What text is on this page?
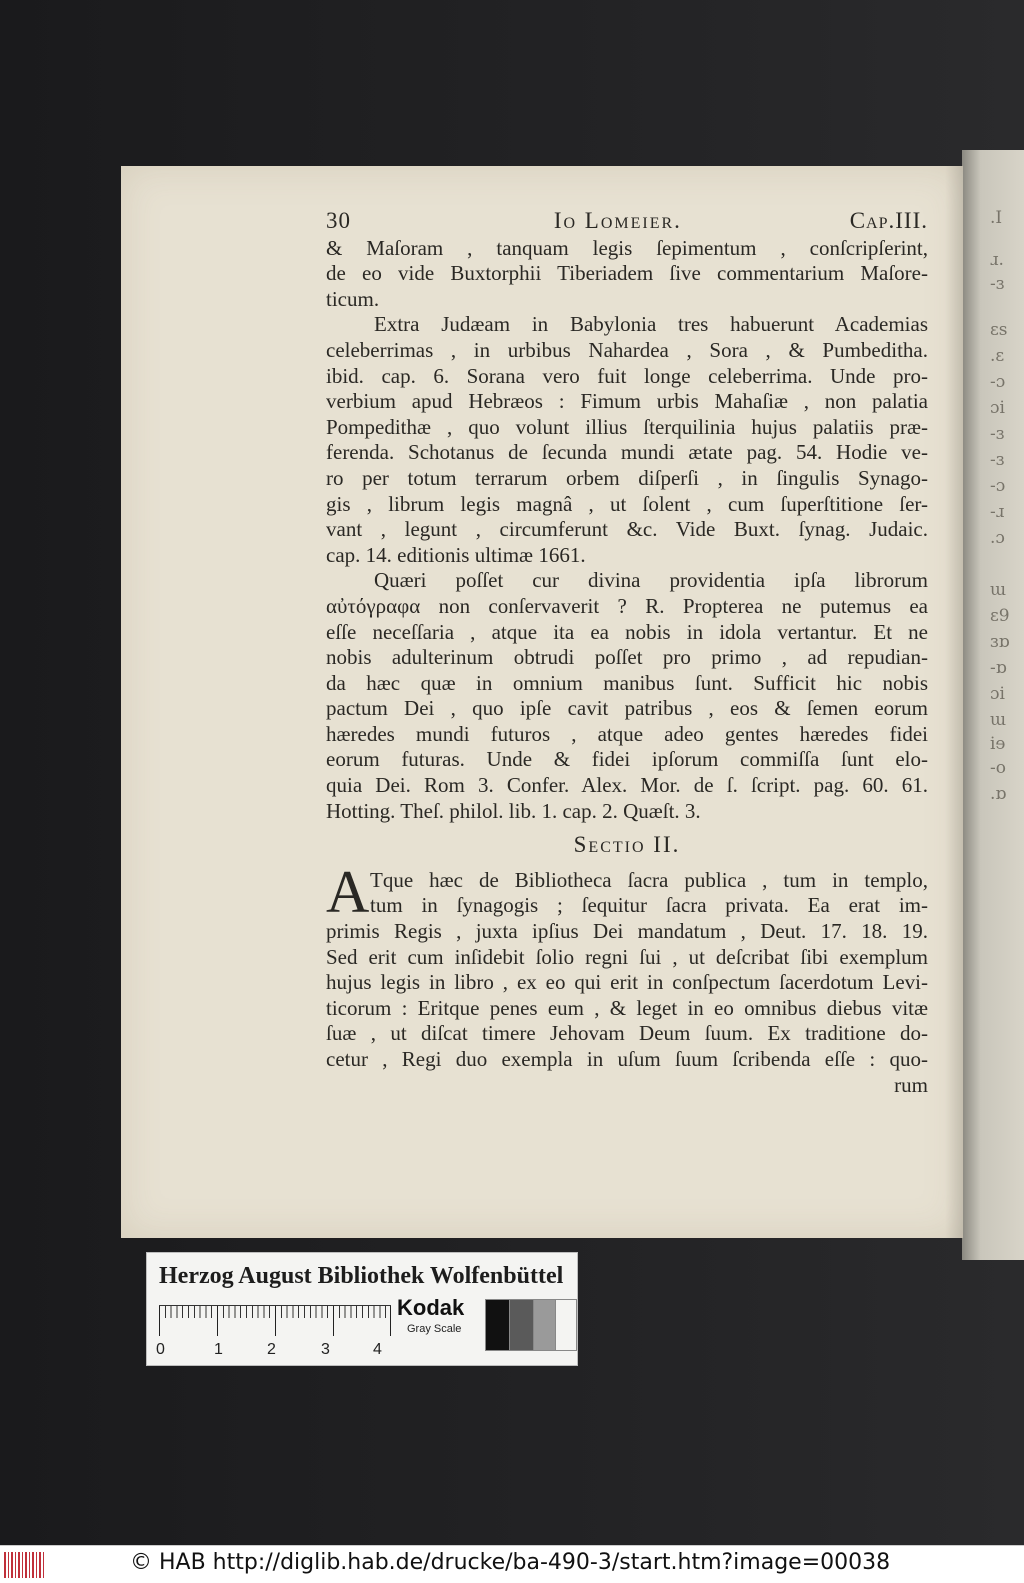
.I
ɹ.
-ɜ
ɛs
.ɛ
-ɔ
ɔi
-ɜ
-ɜ
-ɔ
-ɹ
.ɔ
ɯ
ɛ9
ɜɒ
-ɒ
ɔi
ɯ
iɘ
-o
.ɒ
30	Io Lomeier.	Cap.III.
& Maſoram , tanquam legis ſepimentum , conſcripſerint,
de eo vide Buxtorphii Tiberiadem ſive commentarium Maſore-
ticum.
Extra Judæam in Babylonia tres habuerunt Academias
celeberrimas , in urbibus Nahardea , Sora , & Pumbeditha.
ibid. cap. 6. Sorana vero fuit longe celeberrima. Unde pro-
verbium apud Hebræos : Fimum urbis Mahaſiæ , non palatia
Pompedithæ , quo volunt illius ſterquilinia hujus palatiis præ-
ferenda. Schotanus de ſecunda mundi ætate pag. 54. Hodie ve-
ro per totum terrarum orbem diſperſi , in ſingulis Synago-
gis , librum legis magnâ , ut ſolent , cum ſuperſtitione ſer-
vant , legunt , circumferunt &c. Vide Buxt. ſynag. Judaic.
cap. 14. editionis ultimæ 1661.
Quæri poſſet cur divina providentia ipſa librorum
αὐτόγραφα non conſervaverit ? R. Propterea ne putemus ea
eſſe neceſſaria , atque ita ea nobis in idola vertantur. Et ne
nobis adulterinum obtrudi poſſet pro primo , ad repudian-
da hæc quæ in omnium manibus ſunt. Sufficit hic nobis
pactum Dei , quo ipſe cavit patribus , eos & ſemen eorum
hæredes mundi futuros , atque adeo gentes hæredes fidei
eorum futuras. Unde & fidei ipſorum commiſſa ſunt elo-
quia Dei. Rom 3. Confer. Alex. Mor. de ſ. ſcript. pag. 60. 61.
Hotting. Theſ. philol. lib. 1. cap. 2. Quæſt. 3.
Sectio II.
A Tque hæc de Bibliotheca ſacra publica , tum in templo,
tum in ſynagogis ; ſequitur ſacra privata. Ea erat im-
primis Regis , juxta ipſius Dei mandatum , Deut. 17. 18. 19.
Sed erit cum inſidebit ſolio regni ſui , ut deſcribat ſibi exemplum
hujus legis in libro , ex eo qui erit in conſpectum ſacerdotum Levi-
ticorum : Eritque penes eum , & leget in eo omnibus diebus vitæ
ſuæ , ut diſcat timere Jehovam Deum ſuum. Ex traditione do-
cetur , Regi duo exempla in uſum ſuum ſcribenda eſſe : quo-
rum
Herzog August Bibliothek Wolfenbüttel
0	1	2	3	4
Kodak
Gray Scale
© HAB http://diglib.hab.de/drucke/ba-490-3/start.htm?image=00038
